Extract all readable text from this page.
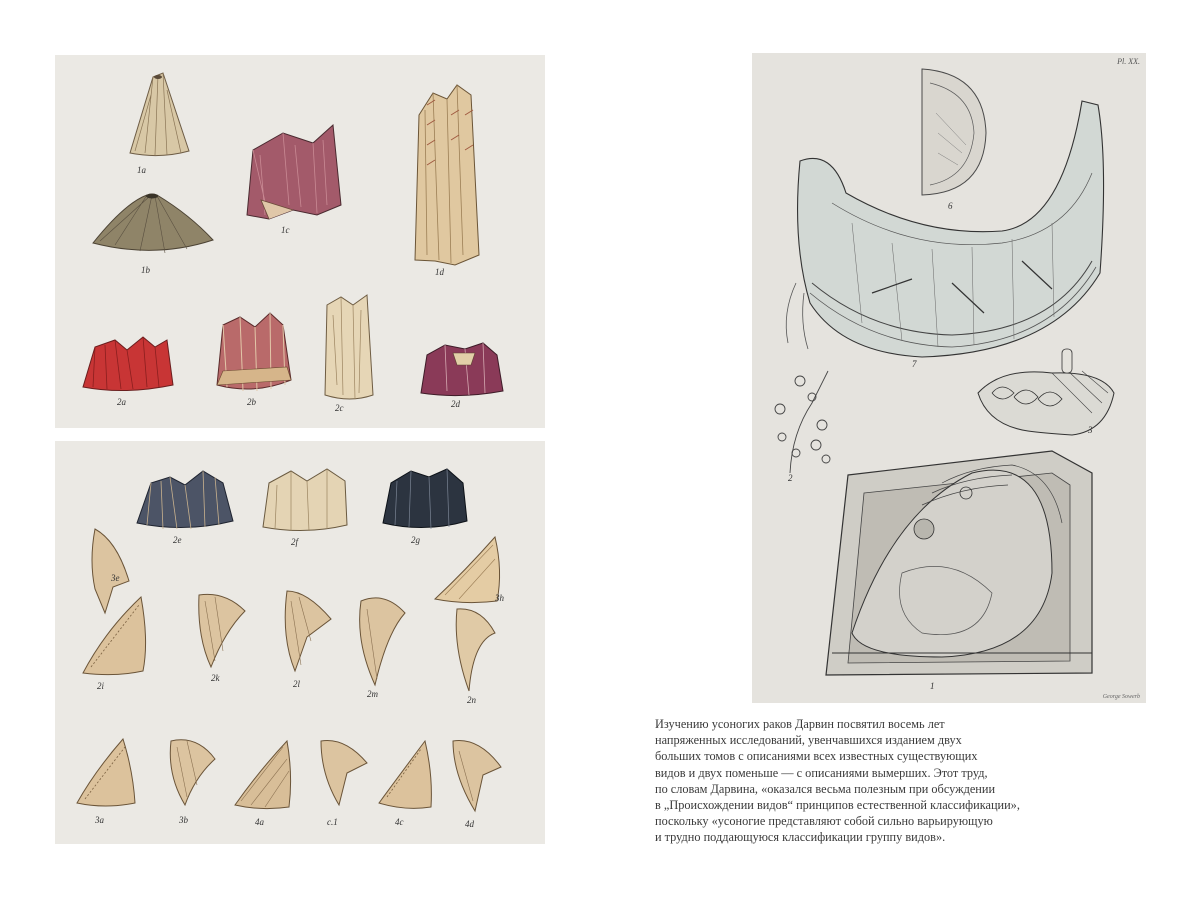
1a
1b
1c
1d
2a	2b
2c	2d
2e	2f	2g
3e
3h
2i
2k
2l
2m
2n
3a	3b	4a	c.1	4c	4d
Pl. XX.
6
7
3
2
1
George Sowerb
Изучению усоногих раков Дарвин посвятил восемь лет
напряженных исследований, увенчавшихся изданием двух
больших томов с описаниями всех известных существующих
видов и двух поменьше — с описаниями вымерших. Этот труд,
по словам Дарвина, «оказался весьма полезным при обсуждении
в „Происхождении видов“ принципов естественной классификации»,
поскольку «усоногие представляют собой сильно варьирующую
и трудно поддающуюся классификации группу видов».
